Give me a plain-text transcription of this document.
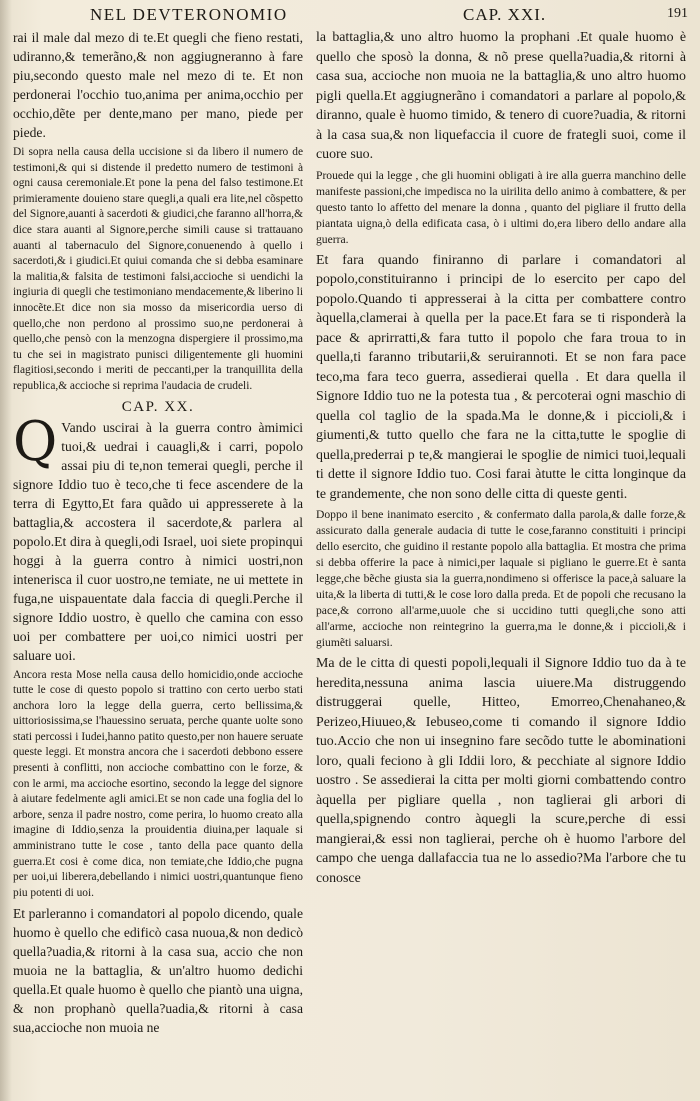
NEL DEVTERONOMIO	CAP. XXI.	191

rai il male dal mezo di te.Et quegli che fieno restati, udiranno,& temerãno,& non aggiugneranno à fare piu,secondo questo male nel mezo di te. Et non perdonerai l'occhio tuo,anima per anima,occhio per occhio,dẽte per dente,mano per mano, piede per piede.

Di sopra nella causa della uccisione si da libero il numero de testimoni,& qui si distende il predetto numero de testimoni à ogni causa ceremoniale.Et pone la pena del falso testimone.Et primieramente douieno stare quegli,a quali era lite,nel cõspetto del Signore,auanti à sacerdoti & giudici,che faranno all'horra,& dice stara auanti al Signore,perche simili cause si trattauano auanti al tabernaculo del Signore,conuenendo à quello i sacerdoti,& i giudici.Et quiui comanda che si debba esaminare la malitia,& falsita de testimoni falsi,accioche si uendichi la ingiuria di quegli che testimoniano mendacemente,& liberino li innocẽte.Et dice non sia mosso da misericordia uerso di quello,che non perdono al prossimo suo,ne perdonerai à quello,che pensò con la menzogna dispergiere il prossimo,ma tu che sei in magistrato punisci diligentemente gli huomini flagitiosi,secondo i meriti de peccanti,per la tranquillita della republica,& accioche si reprima l'audacia de crudeli.

CAP. XX.

Q Vando uscirai à la guerra contro àmimici tuoi,& uedrai i cauagli,& i carri, popolo assai piu di te,non temerai quegli, perche il signore Iddio tuo è teco,che ti fece ascendere de la terra di Egytto,Et fara quãdo ui appresserete à la battaglia,& accostera il sacerdote,& parlera al popolo.Et dira à quegli,odi Israel, uoi siete propinqui hoggi à la guerra contro à nimici uostri,non intenerisca il cuor uostro,ne temiate, ne ui mettete in fuga,ne uispauentate dala faccia di quegli.Perche il signore Iddio uostro, è quello che camina con esso uoi per combattere per uoi,co nimici uostri per saluare uoi.

Ancora resta Mose nella causa dello homicidio,onde accioche tutte le cose di questo popolo si trattino con certo uerbo stati anchora loro la legge della guerra, certo bellissima,& uittoriosissima,se l'hauessino seruata, perche quante uolte sono stati percossi i Iudei,hanno patito questo,per non hauere seruate queste leggi. Et monstra ancora che i sacerdoti debbono essere presenti à conflitti, non accioche combattino con le forze, & con le armi, ma accioche esortino, secondo la legge del signore à aiutare fedelmente agli amici.Et se non cade una foglia del lo arbore, senza il padre nostro, come perira, lo huomo creato alla imagine di Iddio,senza la prouidentia diuina,per laquale si amministrano tutte le cose , tanto della pace quanto della guerra.Et cosi è come dica, non temiate,che Iddio,che pugna per uoi,ui liberera,debellando i nimici uostri,quantunque fieno piu potenti di uoi.

Et parleranno i comandatori al popolo dicendo, quale huomo è quello che edificò casa nuoua,& non dedicò quella?uadia,& ritorni à la casa sua, accio che non muoia ne la battaglia, & un'altro huomo dedichi quella.Et quale huomo è quello che piantò una uigna, & non prophanò quella?uadia,& ritorni à casa sua,accioche non muoia ne

la battaglia,& uno altro huomo la prophani .Et quale huomo è quello che sposò la donna, & nõ prese quella?uadia,& ritorni à casa sua, accioche non muoia ne la battaglia,& uno altro huomo pigli quella.Et aggiugnerãno i comandatori a parlare al popolo,& diranno, quale è huomo timido, & tenero di cuore?uadia, & ritorni à la casa sua,& non liquefaccia il cuore de frategli suoi, come il cuore suo.

Prouede qui la legge , che gli huomini obligati à ire alla guerra manchino delle manifeste passioni,che impedisca no la uirilita dello animo à combattere, & per questo tanto lo affetto del menare la donna , quanto del pigliare il frutto della piantata uigna,ò della edificata casa, ò i ultimi do,era libero dello andare alla guerra.

Et fara quando finiranno di parlare i comandatori al popolo,constituiranno i principi de lo esercito per capo del popolo.Quando ti appresserai à la citta per combattere contro àquella,clamerai à quella per la pace.Et fara se ti risponderà la pace & aprirratti,& fara tutto il popolo che fara troua to in quella,ti faranno tributarii,& seruirannoti. Et se non fara pace teco,ma fara teco guerra, assedierai quella . Et dara quella il Signore Iddio tuo ne la potesta tua , & percoterai ogni maschio di quella col taglio de la spada.Ma le donne,& i piccioli,& i giumenti,& tutto quello che fara ne la citta,tutte le spoglie di quella,prederrai p te,& mangierai le spoglie de nimici tuoi,lequali ti dette il signore Iddio tuo. Cosi farai àtutte le citta longinque da te grandemente, che non sono delle citta di queste genti.

Doppo il bene inanimato esercito , & confermato dalla parola,& dalle forze,& assicurato dalla generale audacia di tutte le cose,faranno constituiti i principi dello esercito, che guidino il restante popolo alla battaglia. Et mostra che prima si debba offerire la pace à nimici,per laquale si pigliano le guerre.Et è santa legge,che bẽche giusta sia la guerra,nondimeno si offerisce la pace,à saluare la uita,& la liberta di tutti,& le cose loro dalla preda. Et de popoli che recusano la pace,& corrono all'arme,uuole che si uccidino tutti quegli,che sono atti all'arme, accioche non reintegrino la guerra,ma le donne,& i piccioli,& i giumẽti saluarsi.

Ma de le citta di questi popoli,lequali il Signore Iddio tuo da à te heredita,nessuna anima lascia uiuere.Ma distruggendo distruggerai quelle, Hitteo, Emorreo,Chenahaneo,& Perizeo,Hiuueo,& Iebuseo,come ti comando il signore Iddio tuo.Accio che non ui insegnino fare secõdo tutte le abominationi loro, quali feciono à gli Iddii loro, & pecchiate al signore Iddio uostro . Se assedierai la citta per molti giorni combattendo contro àquella per pigliare quella , non taglierai gli arbori di quella,spignendo contro àquegli la scure,perche di essi mangierai,& essi non taglierai, perche oh è huomo l'arbore del campo che uenga dallafaccia tua ne lo assedio?Ma l'arbore che tu conosce
